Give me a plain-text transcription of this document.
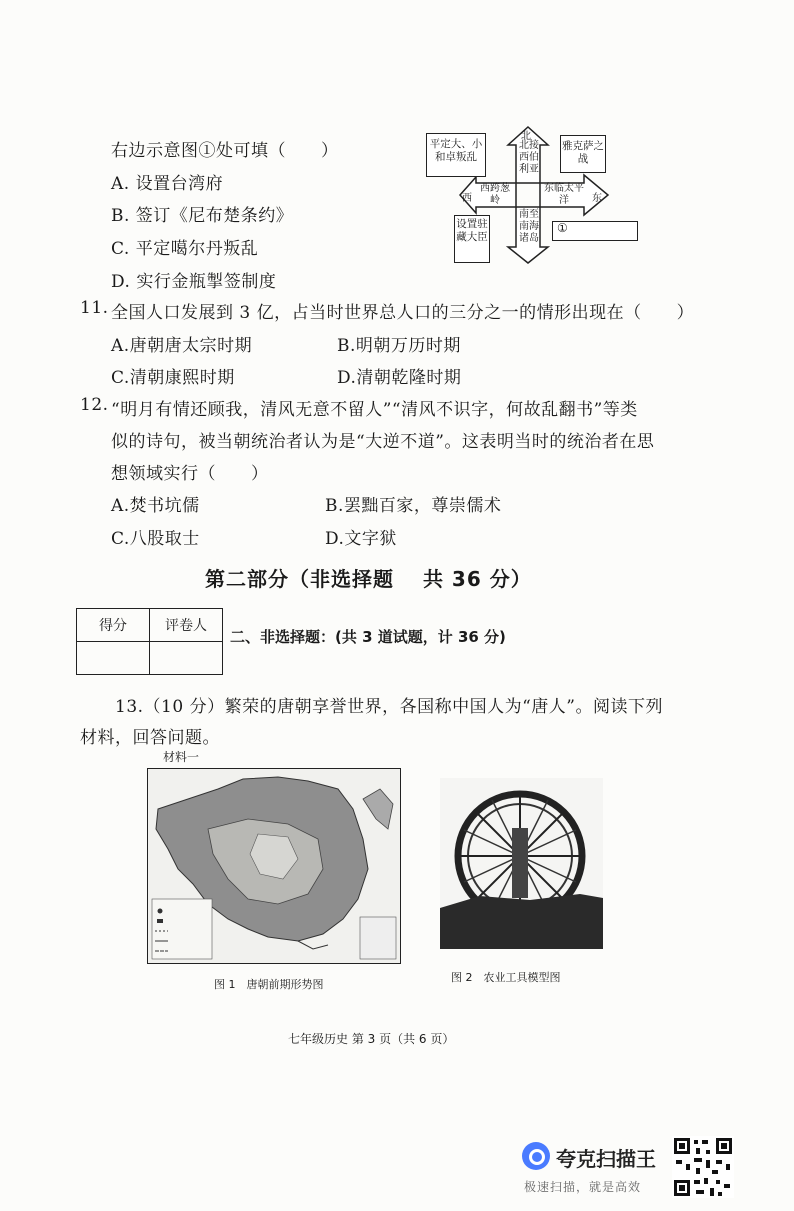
右边示意图①处可填（　　）
A. 设置台湾府
B. 签订《尼布楚条约》
C. 平定噶尔丹叛乱
D. 实行金瓶掣签制度
北
北接西伯利亚
南至南海诸岛
西跨葱岭
西
东临太平洋	东
平定大、小和卓叛乱
雅克萨之战
设置驻藏大臣
①
11. 全国人口发展到 3 亿，占当时世界总人口的三分之一的情形出现在（　　）
A.唐朝唐太宗时期	B.明朝万历时期
C.清朝康熙时期	D.清朝乾隆时期
12. “明月有情还顾我，清风无意不留人”“清风不识字，何故乱翻书”等类
似的诗句，被当朝统治者认为是“大逆不道”。这表明当时的统治者在思
想领域实行（　　）
A.焚书坑儒	B.罢黜百家，尊崇儒术
C.八股取士	D.文字狱
第二部分（非选择题　 共 36 分）
得分	评卷人

二、非选择题：(共 3 道试题，计 36 分)
13.（10 分）繁荣的唐朝享誉世界，各国称中国人为“唐人”。阅读下列
材料，回答问题。
材料一
图 1　唐朝前期形势图
图 2　农业工具模型图
七年级历史 第 3 页（共 6 页）
夸克扫描王
极速扫描，就是高效
